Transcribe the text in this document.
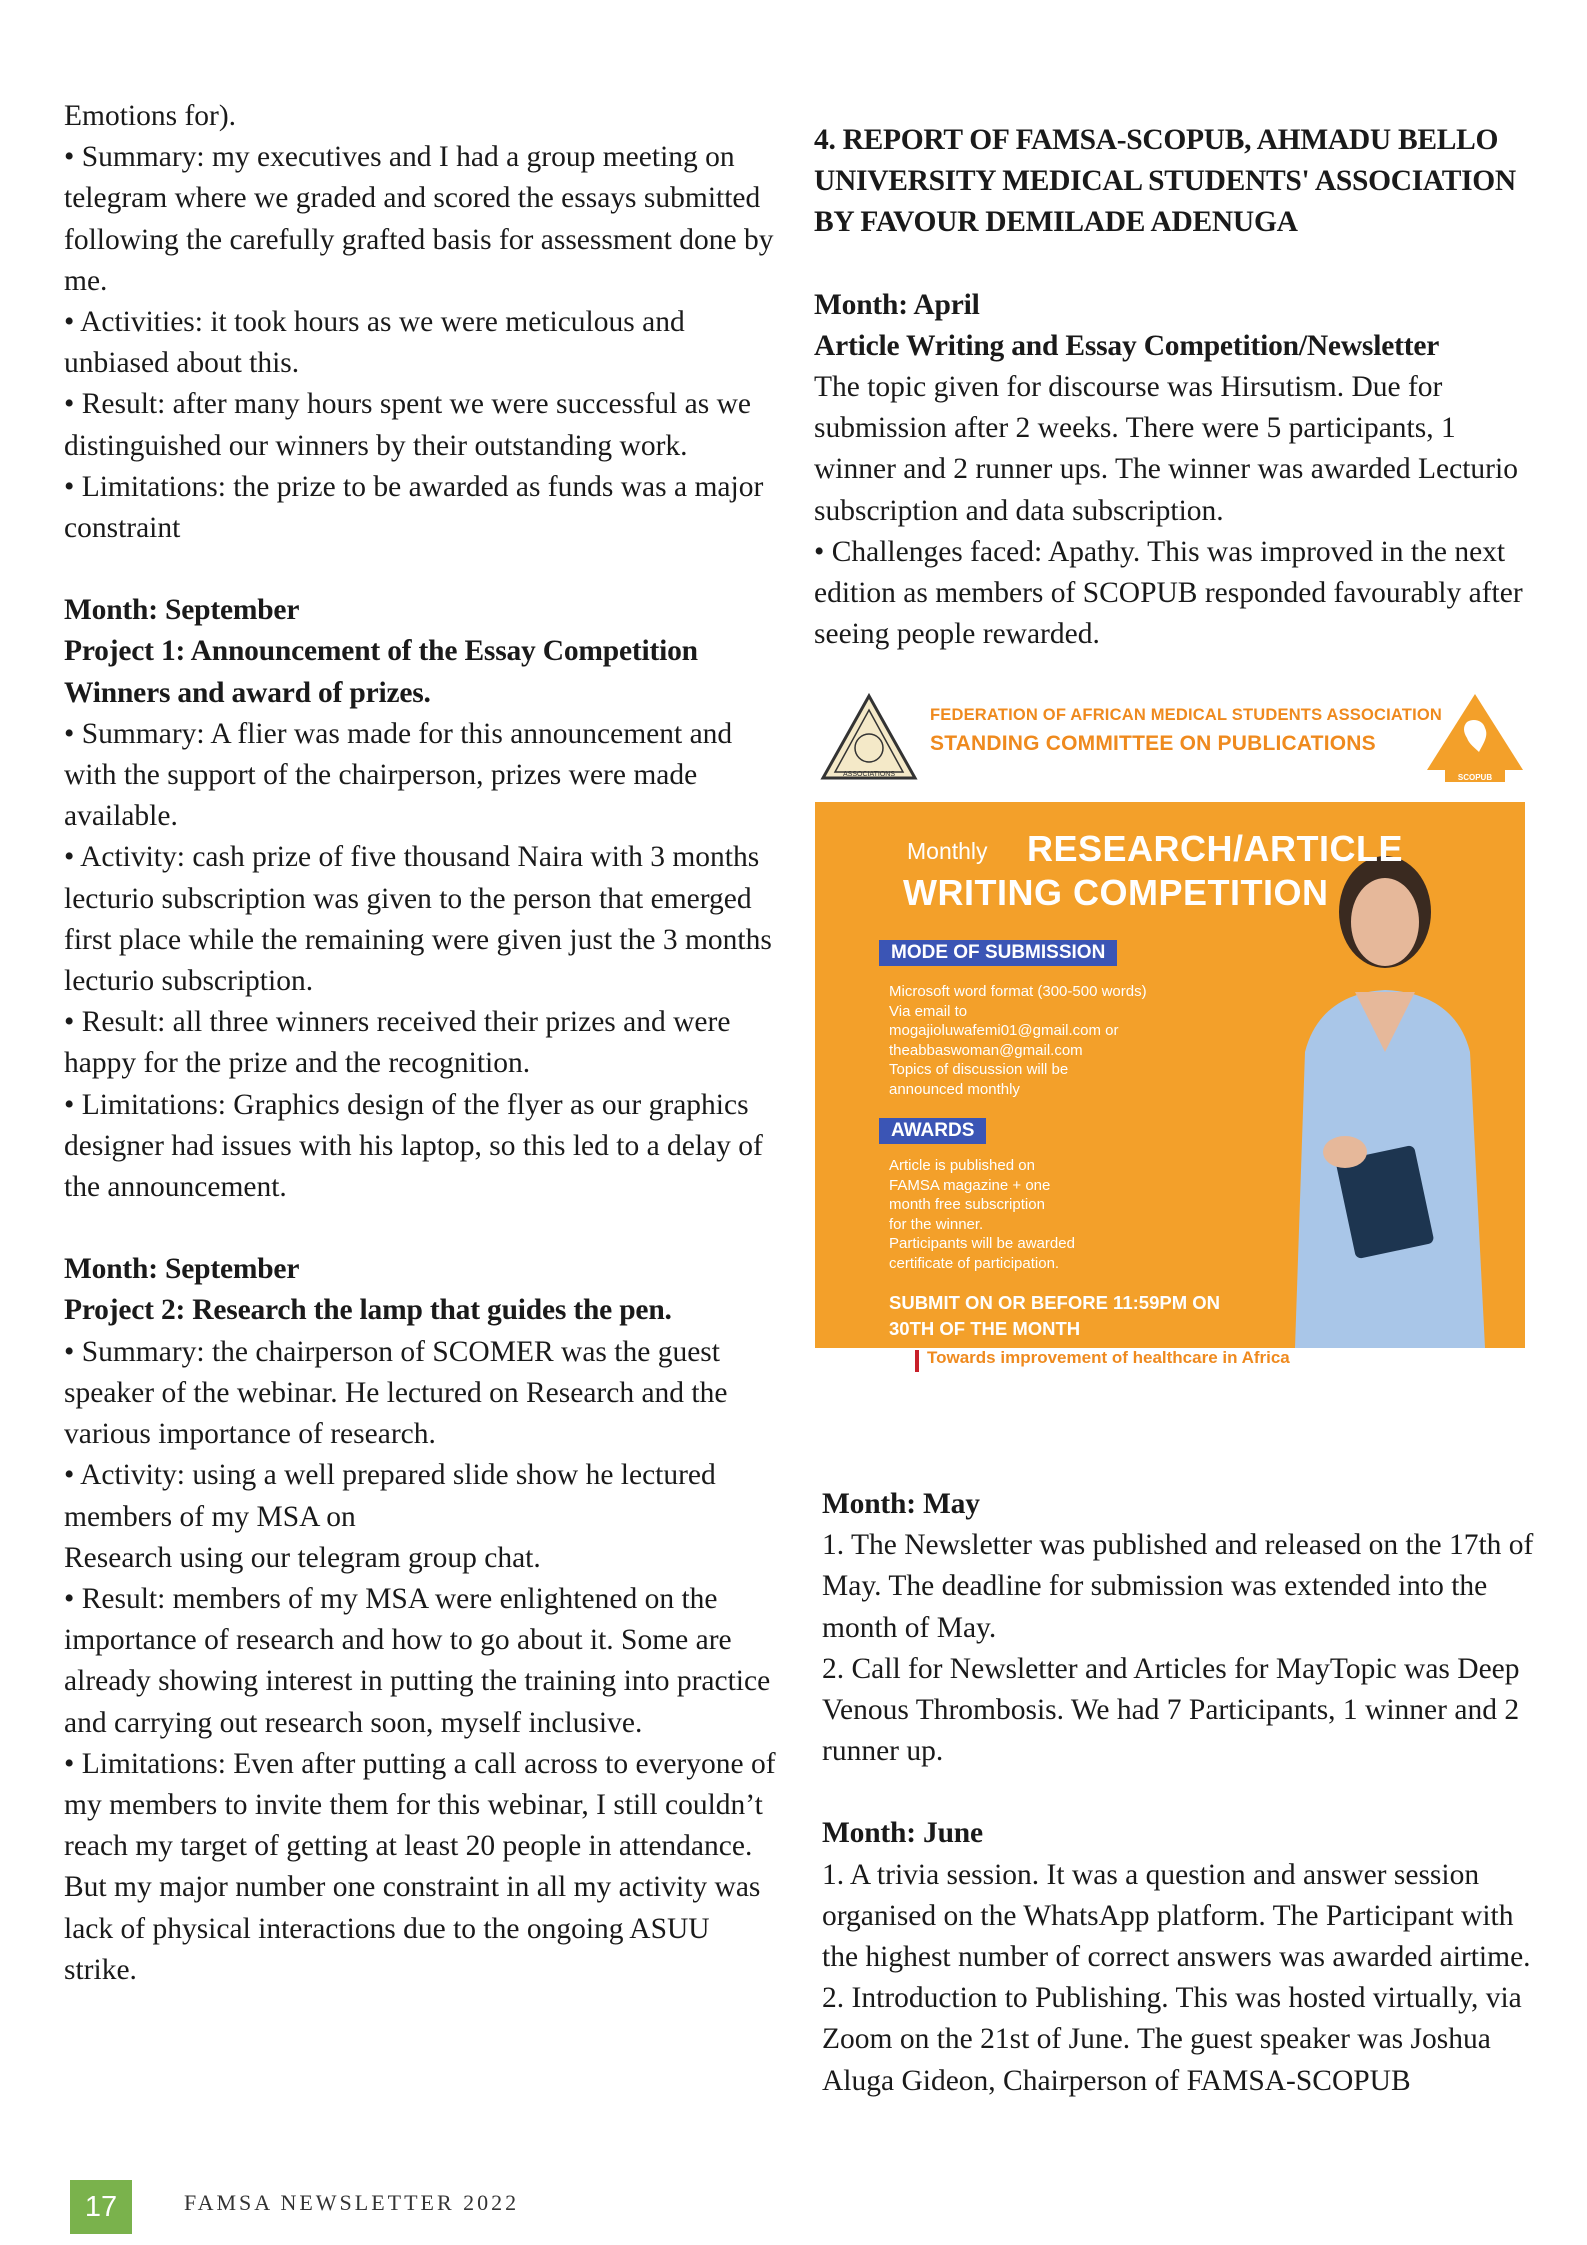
Emotions for).
• Summary: my executives and I had a group meeting on telegram where we graded and scored the essays submitted following the carefully grafted basis for assessment done by me.
• Activities: it took hours as we were meticulous and unbiased about this.
• Result: after many hours spent we were successful as we distinguished our winners by their outstanding work.
• Limitations: the prize to be awarded as funds was a major constraint
Month: September
Project 1: Announcement of the Essay Competition Winners and award of prizes.
• Summary: A flier was made for this announcement and with the support of the chairperson, prizes were made available.
• Activity: cash prize of five thousand Naira with 3 months lecturio subscription was given to the person that emerged first place while the remaining were given just the 3 months lecturio subscription.
• Result: all three winners received their prizes and were happy for the prize and the recognition.
• Limitations: Graphics design of the flyer as our graphics designer had issues with his laptop, so this led to a delay of the announcement.
Month: September
Project 2: Research the lamp that guides the pen.
• Summary: the chairperson of SCOMER was the guest speaker of the webinar. He lectured on Research and the various importance of research.
• Activity: using a well prepared slide show he lectured members of my MSA on
Research using our telegram group chat.
• Result: members of my MSA were enlightened on the importance of research and how to go about it. Some are already showing interest in putting the training into practice and carrying out research soon, myself inclusive.
• Limitations: Even after putting a call across to everyone of my members to invite them for this webinar, I still couldn’t reach my target of getting at least 20 people in attendance. But my major number one constraint in all my activity was lack of physical interactions due to the ongoing ASUU strike.
4. REPORT OF FAMSA-SCOPUB, AHMADU BELLO UNIVERSITY MEDICAL STUDENTS' ASSOCIATION BY FAVOUR DEMILADE ADENUGA
Month: April
Article Writing and Essay Competition/Newsletter
The topic given for discourse was Hirsutism. Due for submission after 2 weeks. There were 5 participants, 1 winner and 2 runner ups. The winner was awarded Lecturio subscription and data subscription.
• Challenges faced: Apathy. This was improved in the next edition as members of SCOPUB responded favourably after seeing people rewarded.
ASSOCIATIONS
FEDERATION OF AFRICAN MEDICAL STUDENTS ASSOCIATION
STANDING COMMITTEE ON PUBLICATIONS
SCOPUB
Monthly RESEARCH/ARTICLE
WRITING COMPETITION
MODE OF SUBMISSION
Microsoft word format (300-500 words)
Via email to
mogajioluwafemi01@gmail.com or
theabbaswoman@gmail.com
Topics of discussion will be
announced monthly
AWARDS
Article is published on
FAMSA magazine + one
month free subscription
for the winner.
Participants will be awarded
certificate of participation.
SUBMIT ON OR BEFORE 11:59PM ON
30TH OF THE MONTH
Towards improvement of healthcare in Africa
Month: May
1. The Newsletter was published and released on the 17th of May. The deadline for submission was extended into the month of May.
2. Call for Newsletter and Articles for MayTopic was Deep Venous Thrombosis. We had 7 Participants, 1 winner and 2 runner up.
Month: June
1. A trivia session. It was a question and answer session organised on the WhatsApp platform. The Participant with the highest number of correct answers was awarded airtime.
2. Introduction to Publishing. This was hosted virtually, via Zoom on the 21st of June. The guest speaker was Joshua Aluga Gideon, Chairperson of FAMSA-SCOPUB
17	FAMSA NEWSLETTER 2022
